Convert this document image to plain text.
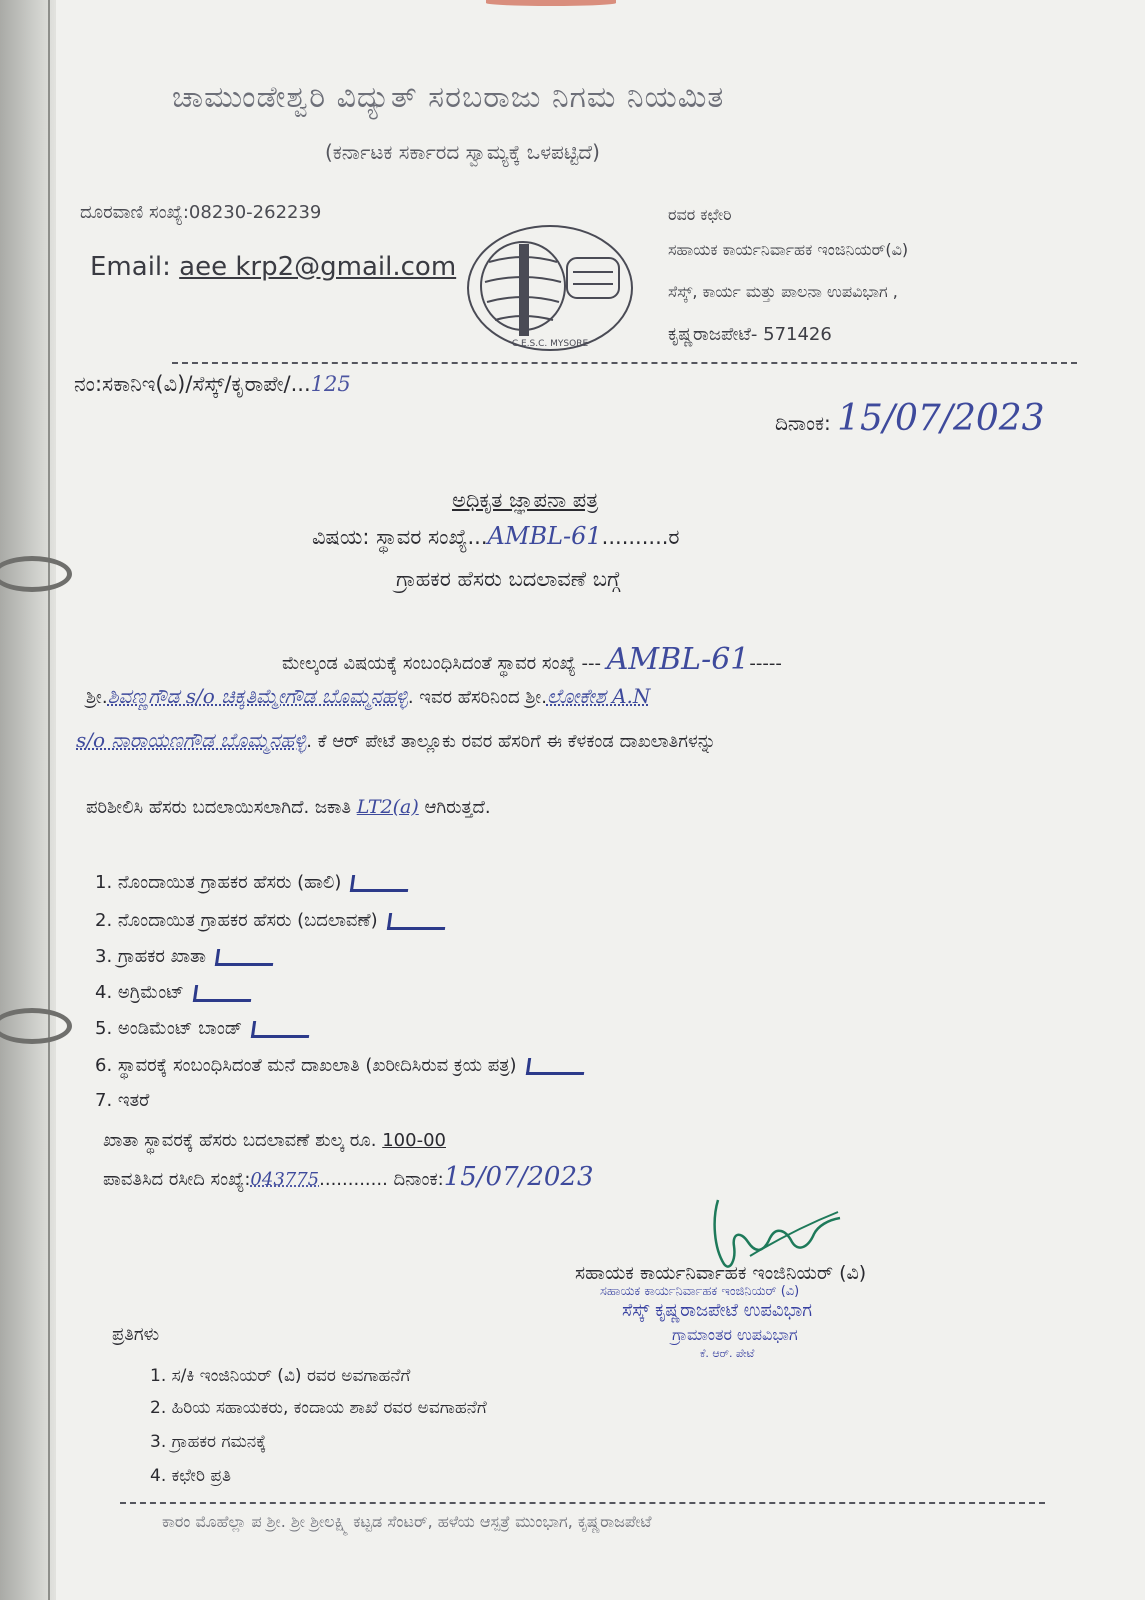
ಚಾಮುಂಡೇಶ್ವರಿ ವಿದ್ಯುತ್ ಸರಬರಾಜು ನಿಗಮ ನಿಯಮಿತ
(ಕರ್ನಾಟಕ ಸರ್ಕಾರದ ಸ್ವಾಮ್ಯಕ್ಕೆ ಒಳಪಟ್ಟಿದೆ)
ದೂರವಾಣಿ ಸಂಖ್ಯೆ:08230-262239
Email: aee krp2@gmail.com
C.E.S.C. MYSORE
ರವರ ಕಛೇರಿ
ಸಹಾಯಕ ಕಾರ್ಯನಿರ್ವಾಹಕ ಇಂಜಿನಿಯರ್(ವಿ)
ಸೆಸ್ಕ್, ಕಾರ್ಯ ಮತ್ತು ಪಾಲನಾ ಉಪವಿಭಾಗ ,
ಕೃಷ್ಣರಾಜಪೇಟೆ- 571426
ನಂ:ಸಕಾನಿಇ(ವಿ)/ಸೆಸ್ಕ್/ಕೃರಾಪೇ/...125
ದಿನಾಂಕ: 15/07/2023
ಅಧಿಕೃತ ಜ್ಞಾಪನಾ ಪತ್ರ
ವಿಷಯ: ಸ್ಥಾವರ ಸಂಖ್ಯೆ...AMBL-61..........ರ
ಗ್ರಾಹಕರ ಹೆಸರು ಬದಲಾವಣೆ ಬಗ್ಗೆ
ಮೇಲ್ಕಂಡ ವಿಷಯಕ್ಕೆ ಸಂಬಂಧಿಸಿದಂತೆ ಸ್ಥಾವರ ಸಂಖ್ಯೆ --- AMBL-61-----
ಶ್ರೀ.ಶಿವಣ್ಣಗೌಡ s/o ಚಿಕ್ಕತಿಮ್ಮೇಗೌಡ ಬೊಮ್ಮನಹಳ್ಳಿ. ಇವರ ಹೆಸರಿನಿಂದ ಶ್ರೀ.ಲೋಕೇಶ A.N
s/o ನಾರಾಯಣಗೌಡ ಬೊಮ್ಮನಹಳ್ಳಿ. ಕೆ ಆರ್ ಪೇಟೆ ತಾಲ್ಲೂಕು ರವರ ಹೆಸರಿಗೆ ಈ ಕೆಳಕಂಡ ದಾಖಲಾತಿಗಳನ್ನು
ಪರಿಶೀಲಿಸಿ ಹೆಸರು ಬದಲಾಯಿಸಲಾಗಿದೆ. ಜಕಾತಿ LT2(a) ಆಗಿರುತ್ತದೆ.
1. ನೊಂದಾಯಿತ ಗ್ರಾಹಕರ ಹೆಸರು (ಹಾಲಿ)
2. ನೊಂದಾಯಿತ ಗ್ರಾಹಕರ ಹೆಸರು (ಬದಲಾವಣೆ)
3. ಗ್ರಾಹಕರ ಖಾತಾ
4. ಅಗ್ರಿಮೆಂಟ್
5. ಅಂಡಿಮೆಂಟ್ ಬಾಂಡ್
6. ಸ್ಥಾವರಕ್ಕೆ ಸಂಬಂಧಿಸಿದಂತೆ ಮನೆ ದಾಖಲಾತಿ (ಖರೀದಿಸಿರುವ ಕ್ರಯ ಪತ್ರ)
7. ಇತರೆ
ಖಾತಾ ಸ್ಥಾವರಕ್ಕೆ ಹೆಸರು ಬದಲಾವಣೆ ಶುಲ್ಕ ರೂ. 100-00
ಪಾವತಿಸಿದ ರಸೀದಿ ಸಂಖ್ಯೆ:043775............ ದಿನಾಂಕ:15/07/2023
ಸಹಾಯಕ ಕಾರ್ಯನಿರ್ವಾಹಕ ಇಂಜಿನಿಯರ್ (ವಿ)
ಸಹಾಯಕ ಕಾರ್ಯನಿರ್ವಾಹಕ ಇಂಜಿನಿಯರ್ (ವಿ)
ಸೆಸ್ಕ್ ಕೃಷ್ಣರಾಜಪೇಟೆ ಉಪವಿಭಾಗ
ಗ್ರಾಮಾಂತರ ಉಪವಿಭಾಗ
ಕೆ. ಆರ್. ಪೇಟೆ
ಪ್ರತಿಗಳು
1. ಸ/ಕಿ ಇಂಜಿನಿಯರ್ (ವಿ) ರವರ ಅವಗಾಹನೆಗೆ
2. ಹಿರಿಯ ಸಹಾಯಕರು, ಕಂದಾಯ ಶಾಖೆ ರವರ ಅವಗಾಹನೆಗೆ
3. ಗ್ರಾಹಕರ ಗಮನಕ್ಕೆ
4. ಕಛೇರಿ ಪ್ರತಿ
ಕಾರಂ ಮೊಹೆಲ್ಲಾ ಪ ಶ್ರೀ. ಶ್ರೀ ಶ್ರೀಲಕ್ಷ್ಮಿ ಕಟ್ಟಡ ಸೆಂಟರ್, ಹಳೆಯ ಆಸ್ಪತ್ರೆ ಮುಂಭಾಗ, ಕೃಷ್ಣರಾಜಪೇಟೆ
